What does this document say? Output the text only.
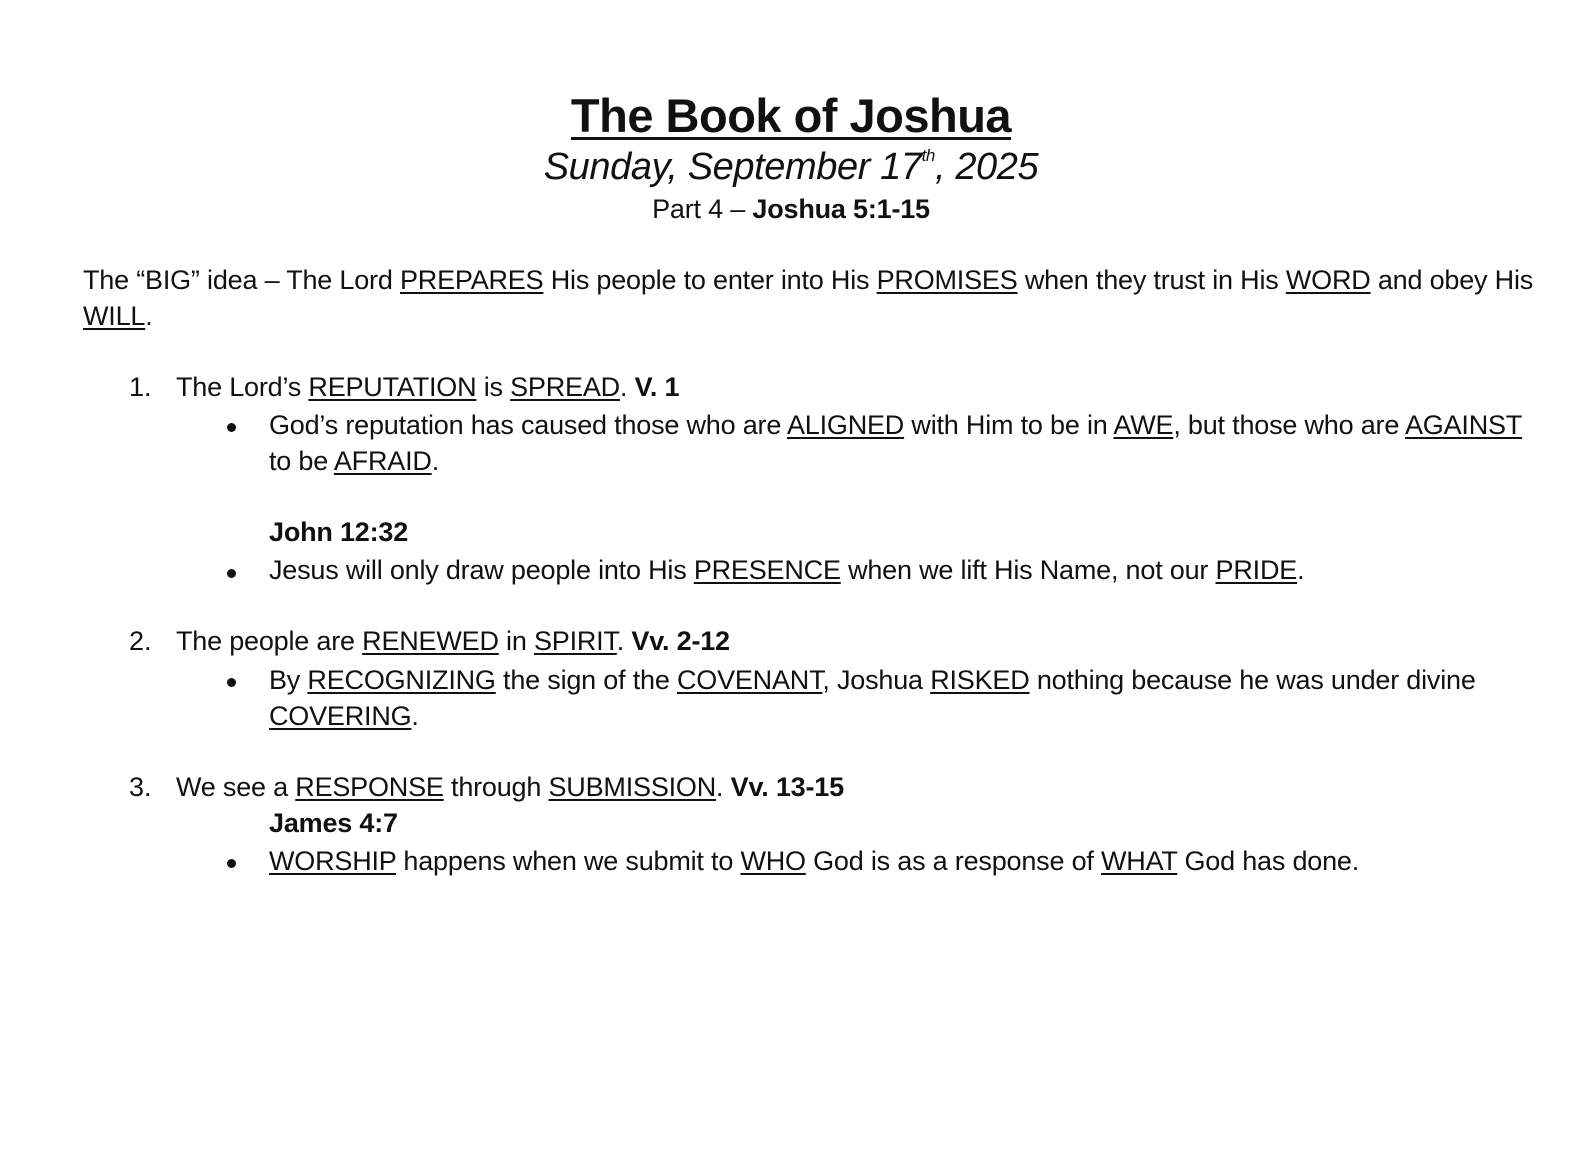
The Book of Joshua
Sunday, September 17th, 2025
Part 4 – Joshua 5:1-15
The “BIG” idea – The Lord PREPARES His people to enter into His PROMISES when they trust in His WORD and obey His
WILL.
1. The Lord’s REPUTATION is SPREAD. V. 1
God’s reputation has caused those who are ALIGNED with Him to be in AWE, but those who are AGAINST
to be AFRAID.
John 12:32
Jesus will only draw people into His PRESENCE when we lift His Name, not our PRIDE.
2. The people are RENEWED in SPIRIT. Vv. 2-12
By RECOGNIZING the sign of the COVENANT, Joshua RISKED nothing because he was under divine
COVERING.
3. We see a RESPONSE through SUBMISSION. Vv. 13-15
James 4:7
WORSHIP happens when we submit to WHO God is as a response of WHAT God has done.
